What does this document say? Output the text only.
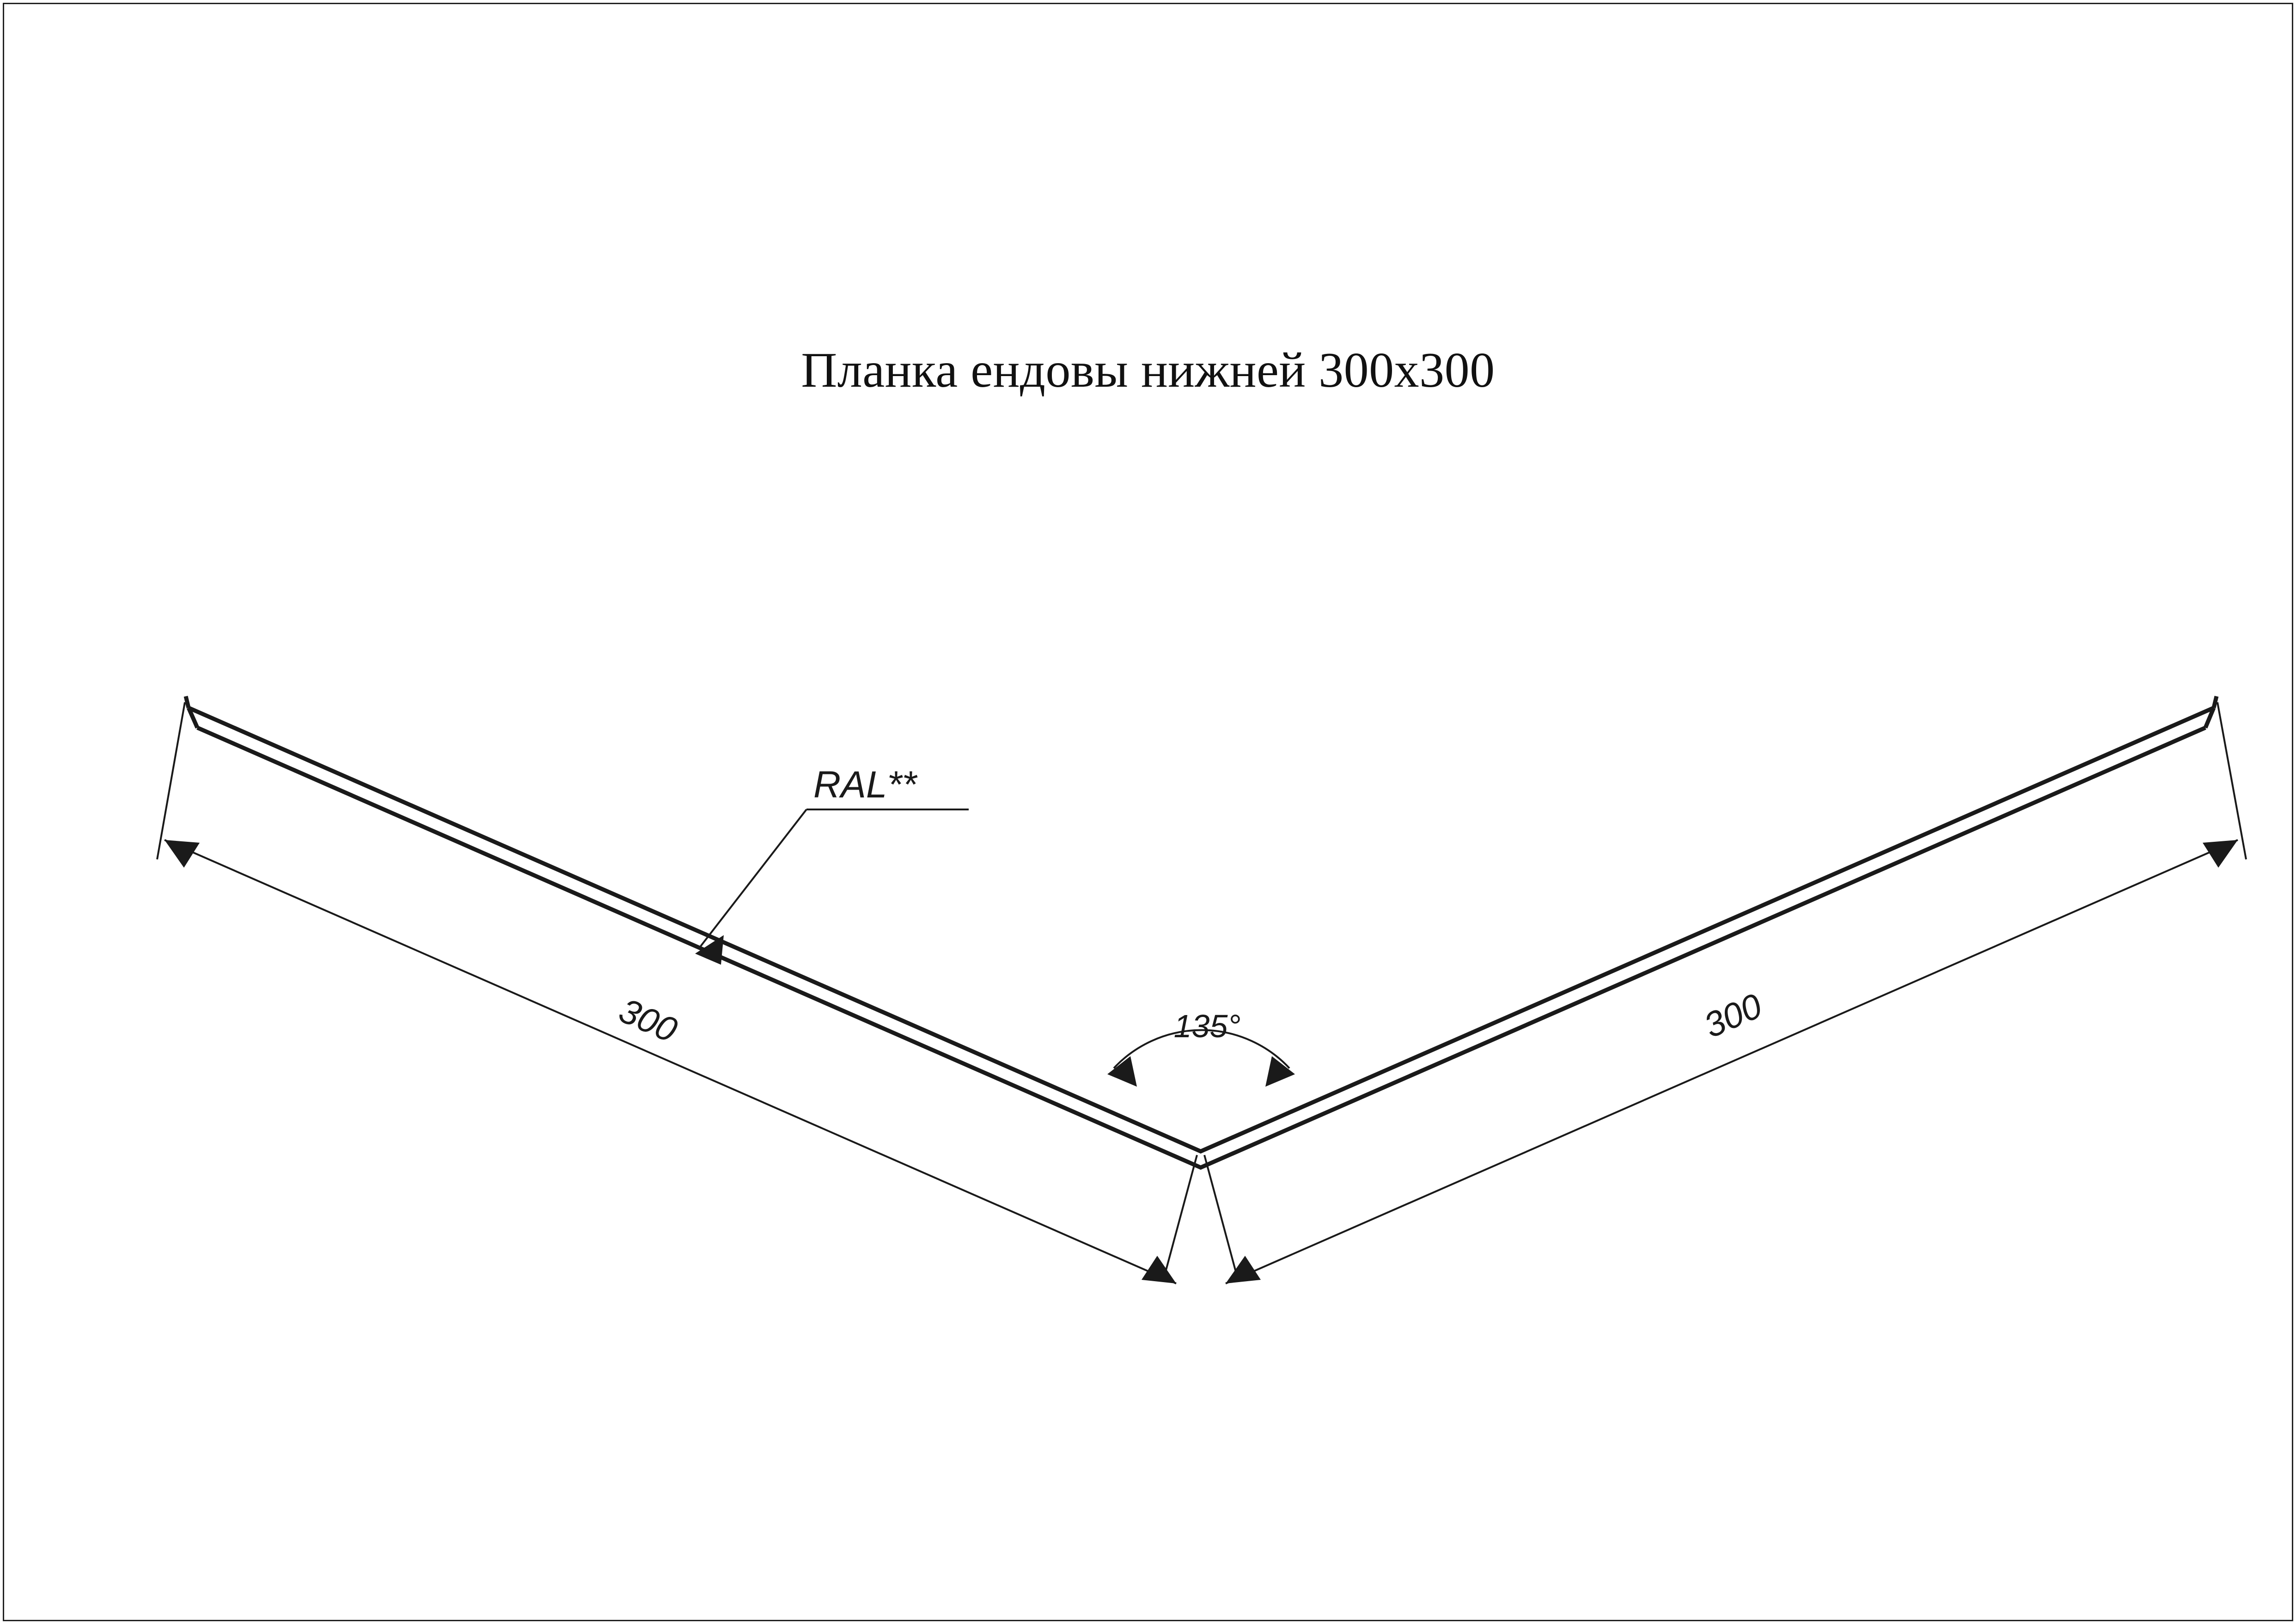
Планка ендовы нижней 300x300
300	300
135°
RAL**
